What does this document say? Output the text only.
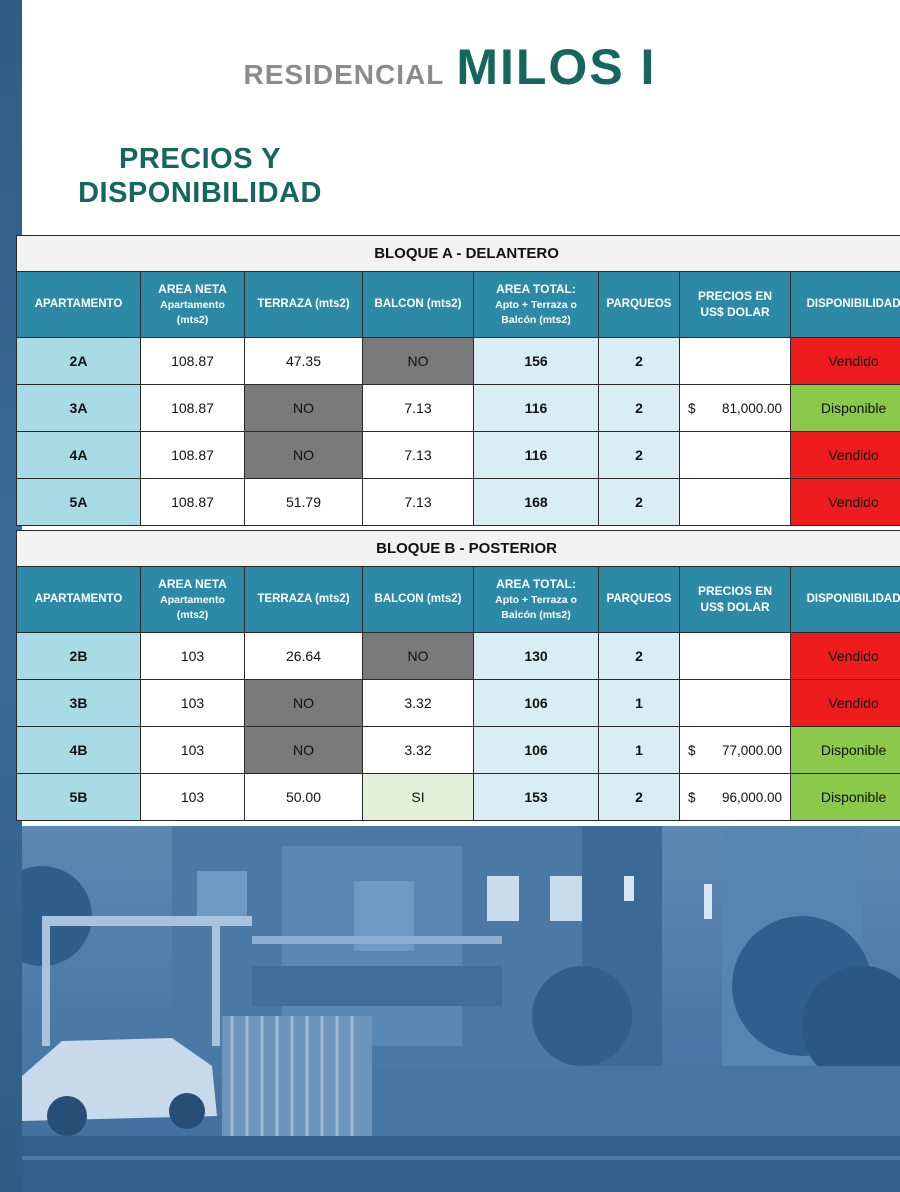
RESIDENCIAL MILOS I
PRECIOS Y
DISPONIBILIDAD
BLOQUE A - DELANTERO							
APARTAMENTO	AREA NETA
Apartamento
(mts2)	TERRAZA (mts2)	BALCON (mts2)	AREA TOTAL:
Apto + Terraza o
Balcón (mts2)	PARQUEOS	PRECIOS EN
US$ DOLAR	DISPONIBILIDAD
2A	108.87	47.35	NO	156	2		Vendido
3A	108.87	NO	7.13	116	2	$ 81,000.00	Disponible
4A	108.87	NO	7.13	116	2		Vendido
5A	108.87	51.79	7.13	168	2		Vendido
BLOQUE B - POSTERIOR							
APARTAMENTO	AREA NETA
Apartamento
(mts2)	TERRAZA (mts2)	BALCON (mts2)	AREA TOTAL:
Apto + Terraza o
Balcón (mts2)	PARQUEOS	PRECIOS EN
US$ DOLAR	DISPONIBILIDAD
2B	103	26.64	NO	130	2		Vendido
3B	103	NO	3.32	106	1		Vendido
4B	103	NO	3.32	106	1	$ 77,000.00	Disponible
5B	103	50.00	SI	153	2	$ 96,000.00	Disponible
